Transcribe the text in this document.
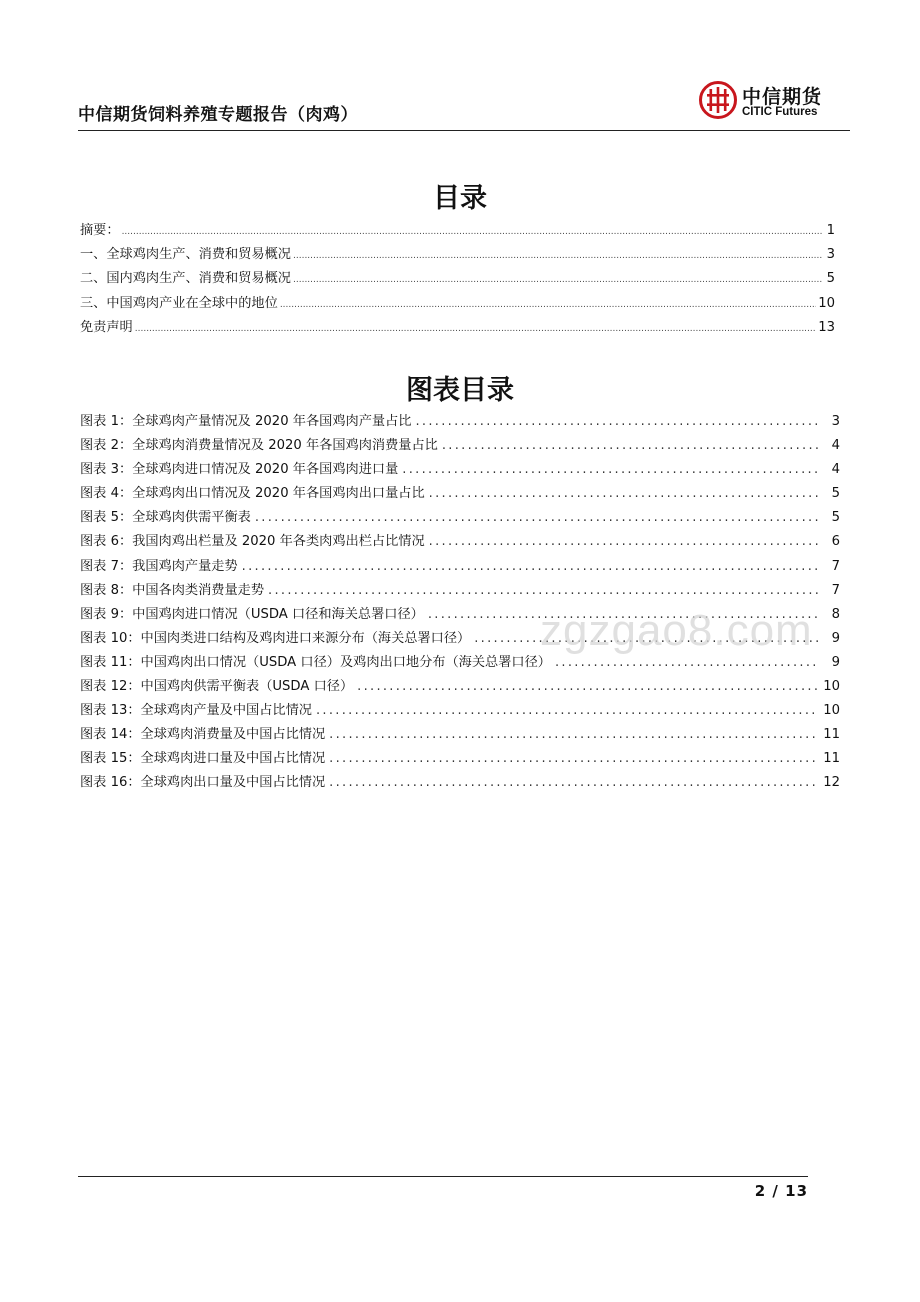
中信期货饲料养殖专题报告（肉鸡）
中信期货
CITIC Futures
目录
摘要： .....	1
一、全球鸡肉生产、消费和贸易概况 .....	3
二、国内鸡肉生产、消费和贸易概况 .....	5
三、中国鸡肉产业在全球中的地位 .....	10
免责声明 .....	13
图表目录
图表 1：全球鸡肉产量情况及 2020 年各国鸡肉产量占比 .....	3
图表 2：全球鸡肉消费量情况及 2020 年各国鸡肉消费量占比 .....	4
图表 3：全球鸡肉进口情况及 2020 年各国鸡肉进口量 .....	4
图表 4：全球鸡肉出口情况及 2020 年各国鸡肉出口量占比 .....	5
图表 5：全球鸡肉供需平衡表 .....	5
图表 6：我国肉鸡出栏量及 2020 年各类肉鸡出栏占比情况 .....	6
图表 7：我国鸡肉产量走势 .....	7
图表 8：中国各肉类消费量走势 .....	7
图表 9：中国鸡肉进口情况（USDA 口径和海关总署口径） .....	8
图表 10：中国肉类进口结构及鸡肉进口来源分布（海关总署口径） .....	9
图表 11：中国鸡肉出口情况（USDA 口径）及鸡肉出口地分布（海关总署口径） .....	9
图表 12：中国鸡肉供需平衡表（USDA 口径） .....	10
图表 13：全球鸡肉产量及中国占比情况 .....	10
图表 14：全球鸡肉消费量及中国占比情况 .....	11
图表 15：全球鸡肉进口量及中国占比情况 .....	11
图表 16：全球鸡肉出口量及中国占比情况 .....	12
zgzgao8.com
2 / 13
